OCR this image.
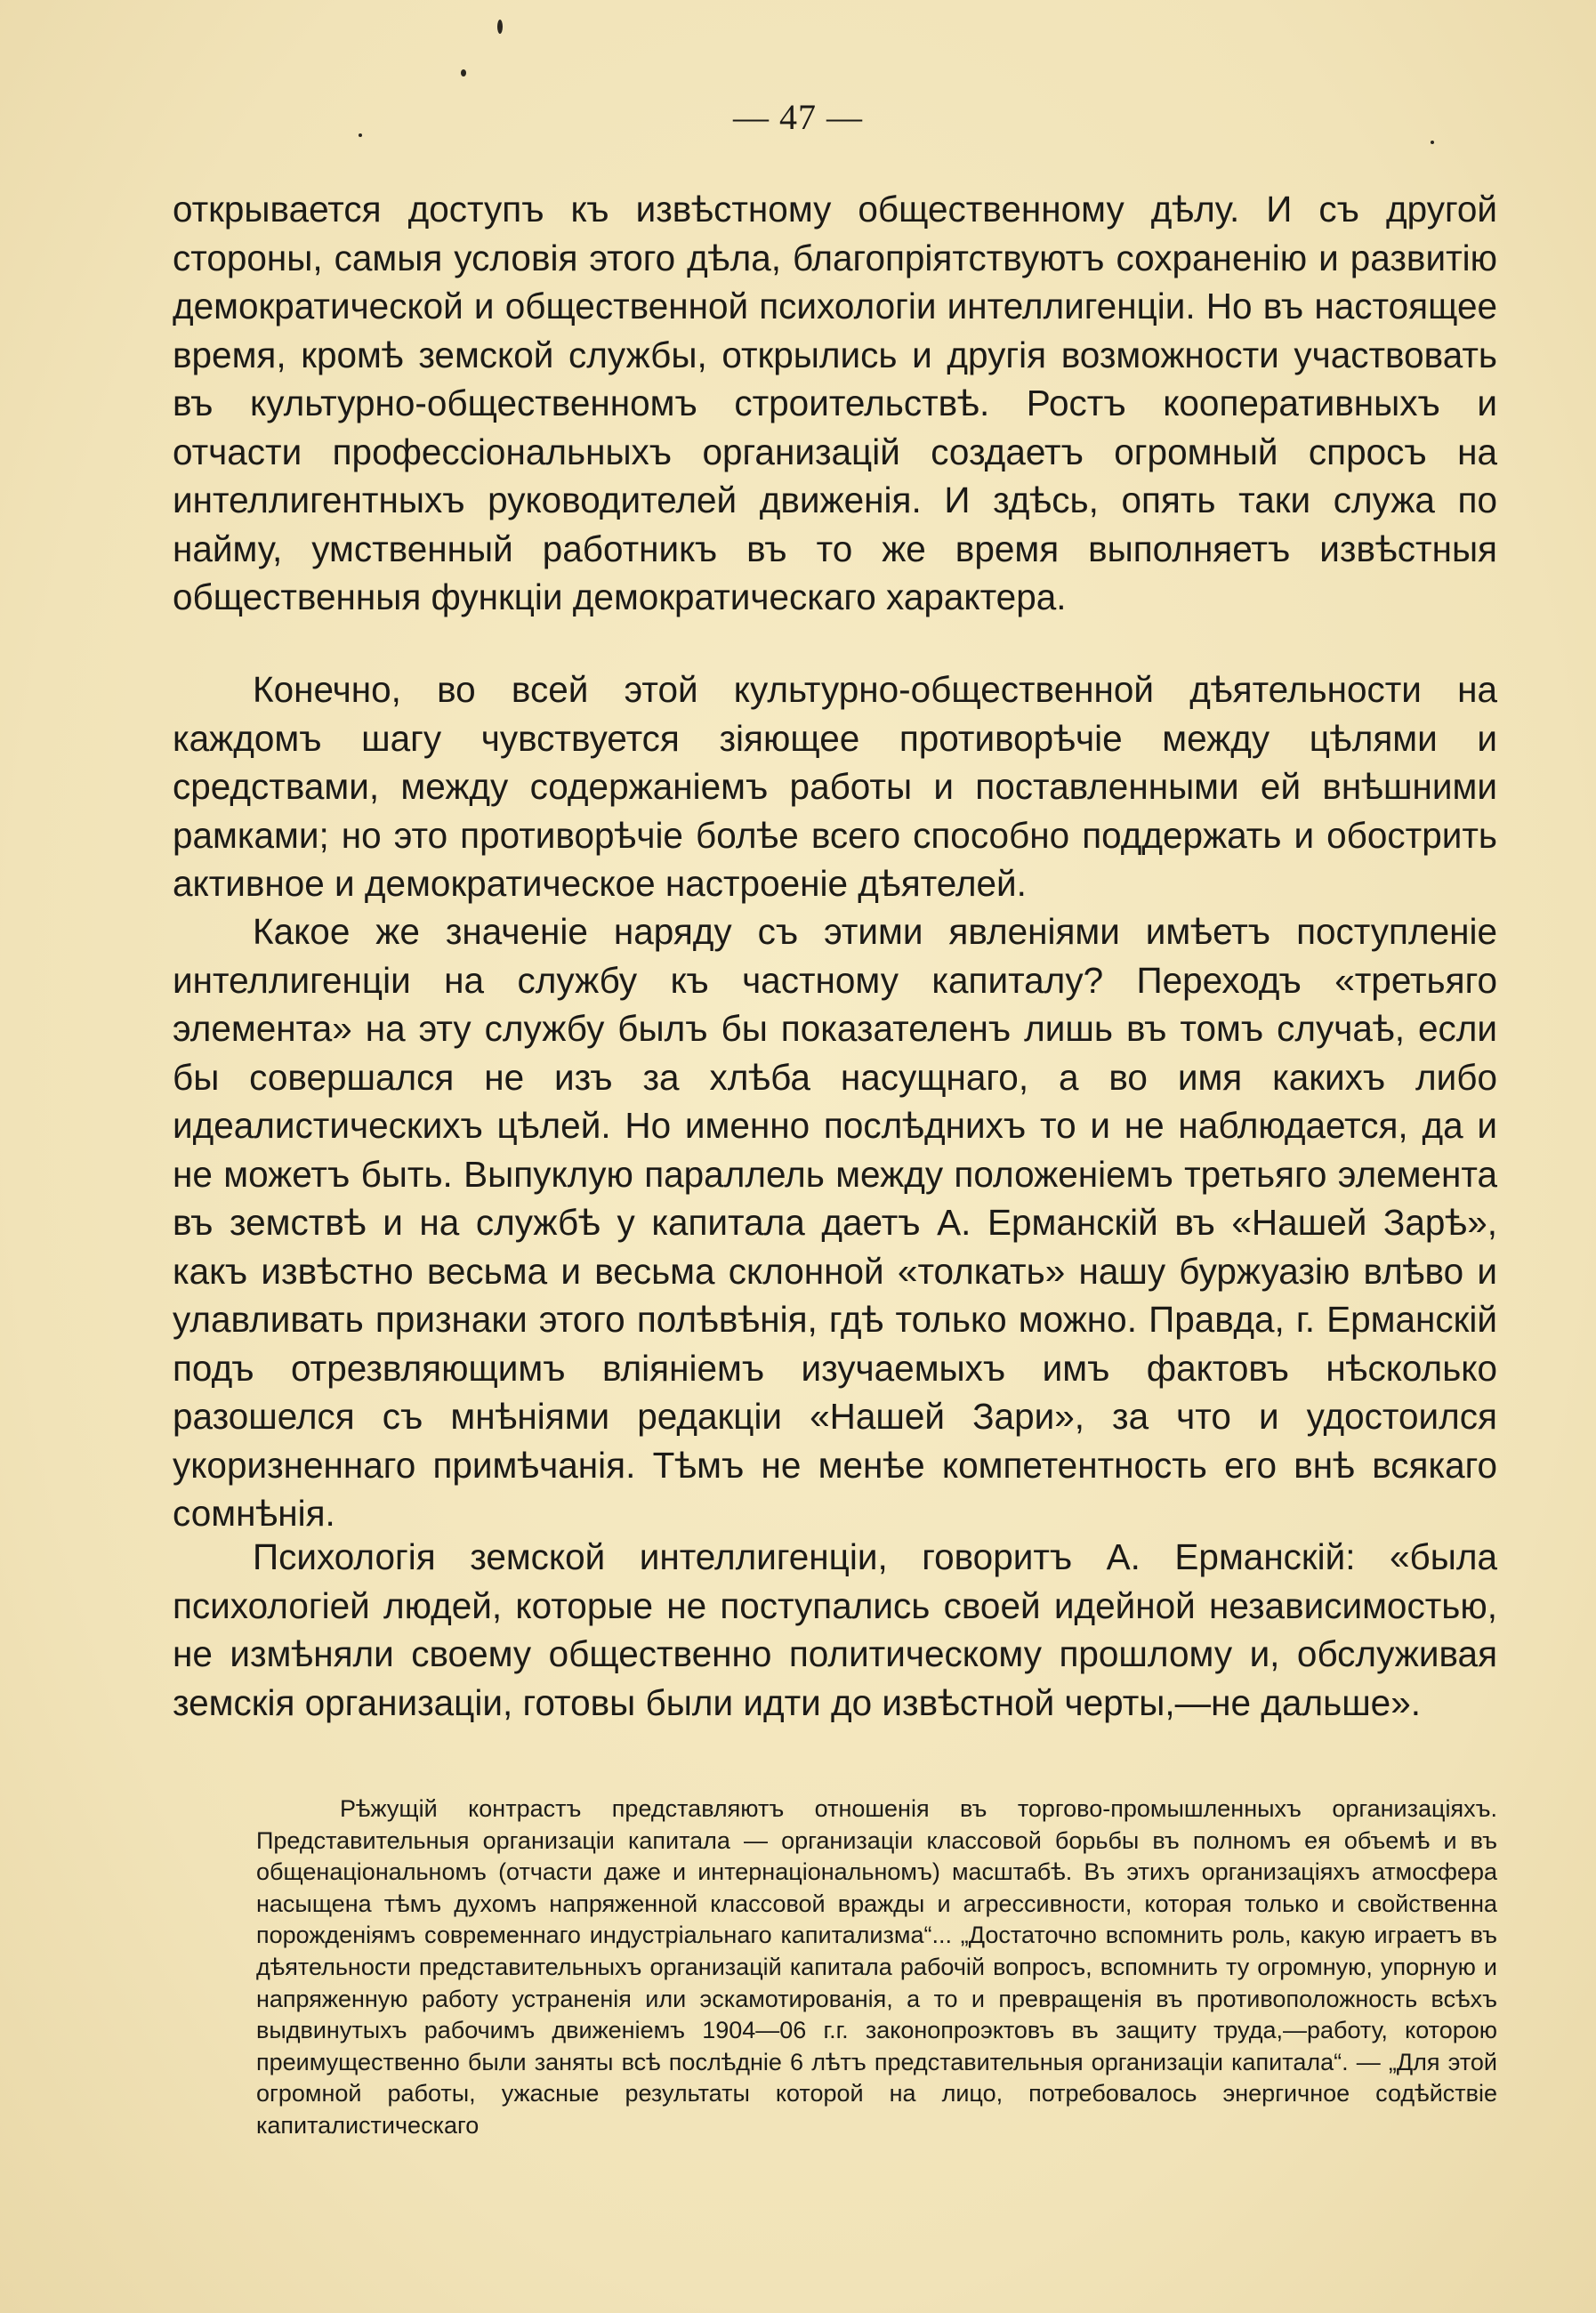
— 47 —

открывается доступъ къ извѣстному общественному дѣлу. И съ другой стороны, самыя условія этого дѣла, благопріятствуютъ сохраненію и развитію демократической и общественной психологіи интеллигенціи. Но въ настоящее время, кромѣ земской службы, открылись и другія возможности участвовать въ культурно-общественномъ строительствѣ. Ростъ кооперативныхъ и отчасти профессіональныхъ организацій создаетъ огромный спросъ на интеллигентныхъ руководителей движенія. И здѣсь, опять таки служа по найму, умственный работникъ въ то же время выполняетъ извѣстныя общественныя функціи демократическаго характера.

Конечно, во всей этой культурно-общественной дѣятельности на каждомъ шагу чувствуется зіяющее противорѣчіе между цѣлями и средствами, между содержаніемъ работы и поставленными ей внѣшними рамками; но это противорѣчіе болѣе всего способно поддержать и обострить активное и демократическое настроеніе дѣятелей.

Какое же значеніе наряду съ этими явленіями имѣетъ поступленіе интеллигенціи на службу къ частному капиталу? Переходъ «третьяго элемента» на эту службу былъ бы показателенъ лишь въ томъ случаѣ, если бы совершался не изъ за хлѣба насущнаго, а во имя какихъ либо идеалистическихъ цѣлей. Но именно послѣднихъ то и не наблюдается, да и не можетъ быть. Выпуклую параллель между положеніемъ третьяго элемента въ земствѣ и на службѣ у капитала даетъ А. Ерманскій въ «Нашей Зарѣ», какъ извѣстно весьма и весьма склонной «толкать» нашу буржуазію влѣво и улавливать признаки этого полѣвѣнія, гдѣ только можно. Правда, г. Ерманскій подъ отрезвляющимъ вліяніемъ изучаемыхъ имъ фактовъ нѣсколько разошелся съ мнѣніями редакціи «Нашей Зари», за что и удостоился укоризненнаго примѣчанія. Тѣмъ не менѣе компетентность его внѣ всякаго сомнѣнія.

Психологія земской интеллигенціи, говоритъ А. Ерманскій: «была психологіей людей, которые не поступались своей идейной независимостью, не измѣняли своему общественно политическому прошлому и, обслуживая земскія организаціи, готовы были идти до извѣстной черты,—не дальше».

Рѣжущій контрастъ представляютъ отношенія въ торгово-промышленныхъ организаціяхъ. Представительныя организаціи капитала — организаціи классовой борьбы въ полномъ ея объемѣ и въ общенаціональномъ (отчасти даже и интернаціональномъ) масштабѣ. Въ этихъ организаціяхъ атмосфера насыщена тѣмъ духомъ напряженной классовой вражды и агрессивности, которая только и свойственна порожденіямъ современнаго индустріальнаго капитализма“... „Достаточно вспомнить роль, какую играетъ въ дѣятельности представительныхъ организацій капитала рабочій вопросъ, вспомнить ту огромную, упорную и напряженную работу устраненія или эскамотированія, а то и превращенія въ противоположность всѣхъ выдвинутыхъ рабочимъ движеніемъ 1904—06 г.г. законопроэктовъ въ защиту труда,—работу, которою преимущественно были заняты всѣ послѣдніе 6 лѣтъ представительныя организаціи капитала“. — „Для этой огромной работы, ужасные результаты которой на лицо, потребовалось энергичное содѣйствіе капиталистическаго
